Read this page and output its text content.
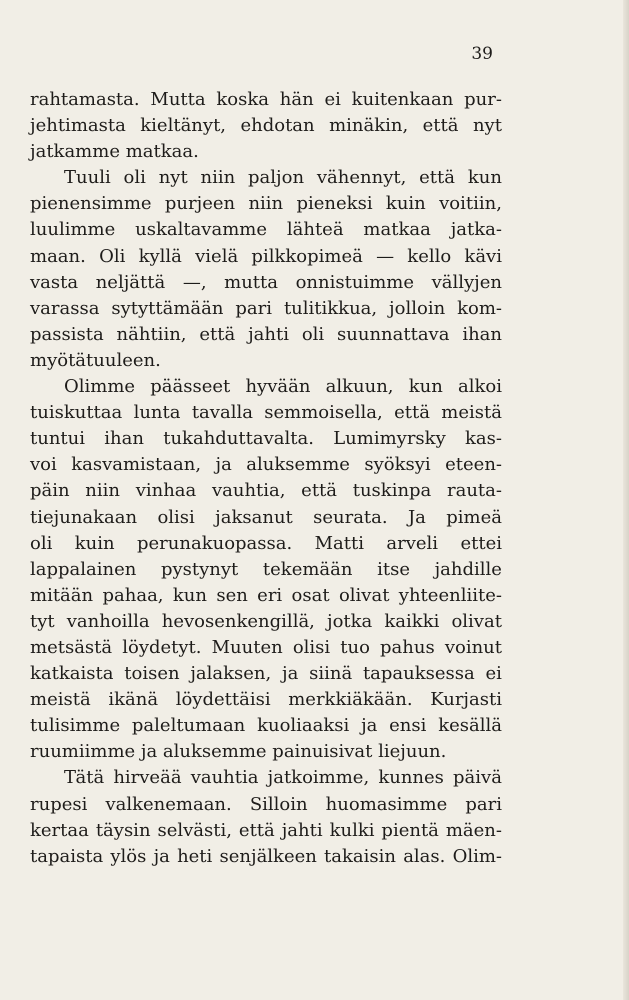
39
rahtamasta. Mutta koska hän ei kuitenkaan pur-
jehtimasta kieltänyt, ehdotan minäkin, että nyt
jatkamme matkaa.
Tuuli oli nyt niin paljon vähennyt, että kun
pienensimme purjeen niin pieneksi kuin voitiin,
luulimme uskaltavamme lähteä matkaa jatka-
maan. Oli kyllä vielä pilkkopimeä — kello kävi
vasta neljättä —, mutta onnistuimme vällyjen
varassa sytyttämään pari tulitikkua, jolloin kom-
passista nähtiin, että jahti oli suunnattava ihan
myötätuuleen.
Olimme päässeet hyvään alkuun, kun alkoi
tuiskuttaa lunta tavalla semmoisella, että meistä
tuntui ihan tukahduttavalta. Lumimyrsky kas-
voi kasvamistaan, ja aluksemme syöksyi eteen-
päin niin vinhaa vauhtia, että tuskinpa rauta-
tiejunakaan olisi jaksanut seurata. Ja pimeä
oli kuin perunakuopassa. Matti arveli ettei
lappalainen pystynyt tekemään itse jahdille
mitään pahaa, kun sen eri osat olivat yhteenliite-
tyt vanhoilla hevosenkengillä, jotka kaikki olivat
metsästä löydetyt. Muuten olisi tuo pahus voinut
katkaista toisen jalaksen, ja siinä tapauksessa ei
meistä ikänä löydettäisi merkkiäkään. Kurjasti
tulisimme paleltumaan kuoliaaksi ja ensi kesällä
ruumiimme ja aluksemme painuisivat liejuun.
Tätä hirveää vauhtia jatkoimme, kunnes päivä
rupesi valkenemaan. Silloin huomasimme pari
kertaa täysin selvästi, että jahti kulki pientä mäen-
tapaista ylös ja heti senjälkeen takaisin alas. Olim-
